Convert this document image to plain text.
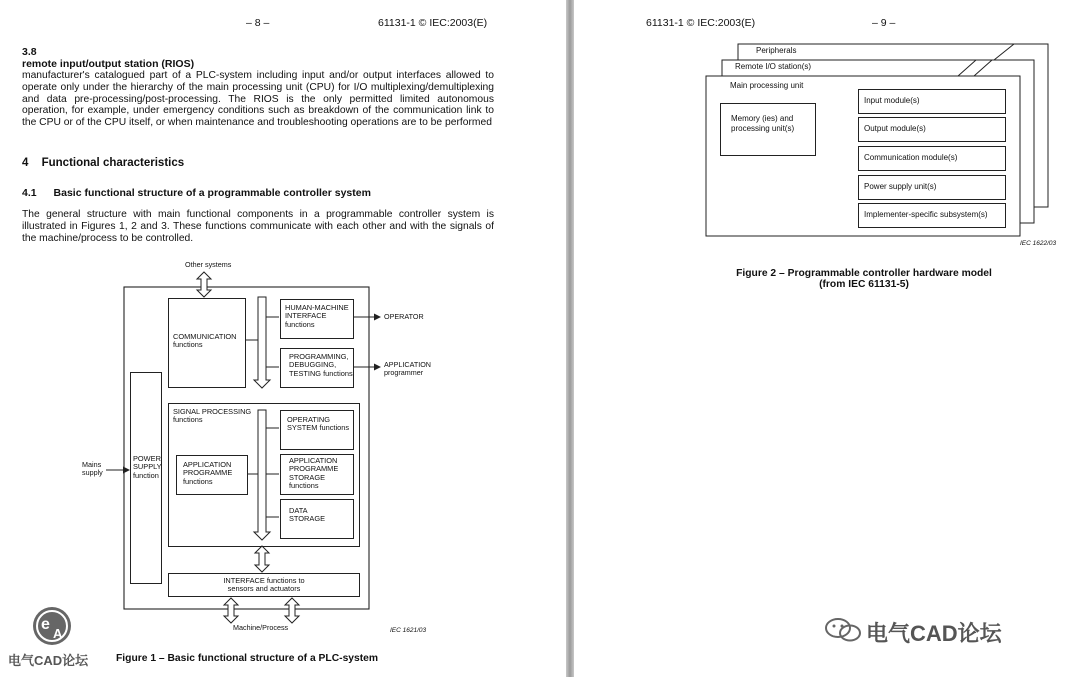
– 8 –	61131-1 © IEC:2003(E)
3.8
remote input/output station (RIOS)
manufacturer's catalogued part of a PLC-system including input and/or output interfaces allowed to operate only under the hierarchy of the main processing unit (CPU) for I/O multiplexing/demultiplexing and data pre-processing/post-processing. The RIOS is the only permitted limited autonomous operation, for example, under emergency conditions such as breakdown of the communication link to the CPU or of the CPU itself, or when maintenance and troubleshooting operations are to be performed
4 Functional characteristics
4.1 Basic functional structure of a programmable controller system
The general structure with main functional components in a programmable controller system is illustrated in Figures 1, 2 and 3. These functions communicate with each other and with the signals of the machine/process to be controlled.
Other systems
COMMUNICATION functions
HUMAN-MACHINE INTERFACE functions
OPERATOR
PROGRAMMING, DEBUGGING, TESTING functions
APPLICATION programmer
SIGNAL PROCESSING functions	OPERATING SYSTEM functions
APPLICATION PROGRAMME functions
APPLICATION PROGRAMME STORAGE functions
DATA STORAGE
POWER SUPPLY function
Mains supply
INTERFACE functions to sensors and actuators
Machine/Process	IEC 1621/03
Figure 1 – Basic functional structure of a PLC-system
e
A
电气CAD论坛
61131-1 © IEC:2003(E)	– 9 –
Peripherals
Remote I/O station(s)
Main processing unit
Memory (ies) and processing unit(s)
Input module(s)
Output module(s)
Communication module(s)
Power supply unit(s)
Implementer-specific subsystem(s)
IEC 1622/03
Figure 2 – Programmable controller hardware model
(from IEC 61131-5)
电气CAD论坛
